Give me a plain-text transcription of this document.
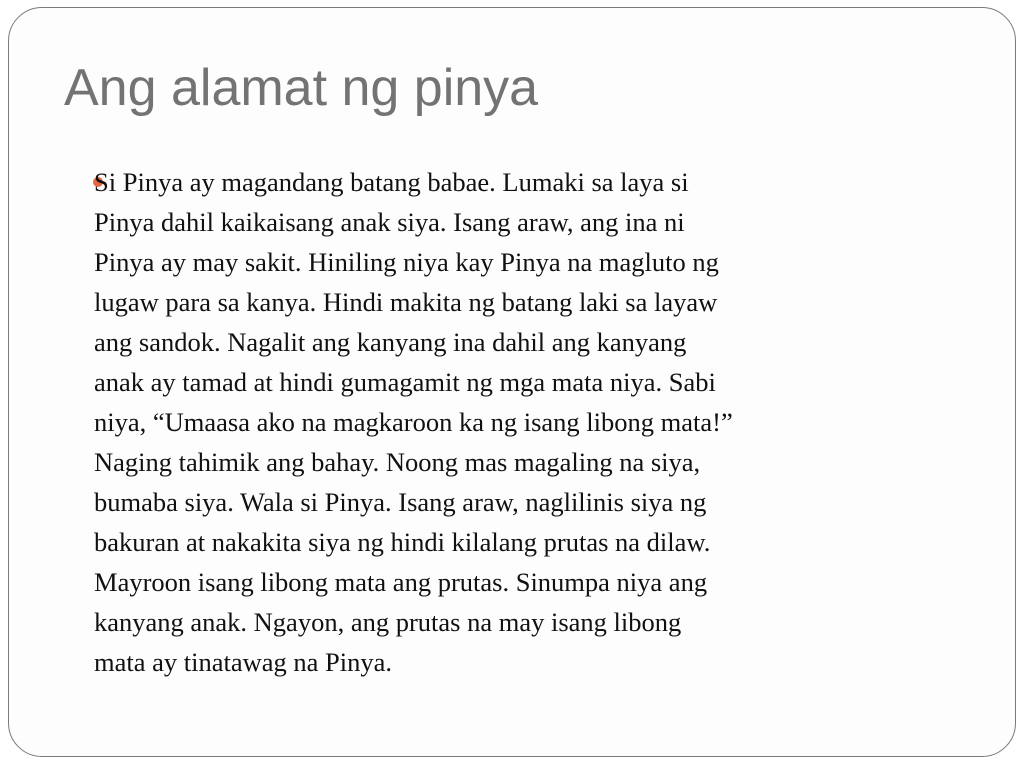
Ang alamat ng pinya
Si Pinya ay magandang batang babae. Lumaki sa laya si
Pinya dahil kaikaisang anak siya. Isang araw, ang ina ni
Pinya ay may sakit. Hiniling niya kay Pinya na magluto ng
lugaw para sa kanya. Hindi makita ng batang laki sa layaw
ang sandok. Nagalit ang kanyang ina dahil ang kanyang
anak ay tamad at hindi gumagamit ng mga mata niya. Sabi
niya, “Umaasa ako na magkaroon ka ng isang libong mata!”
Naging tahimik ang bahay. Noong mas magaling na siya,
bumaba siya. Wala si Pinya. Isang araw, naglilinis siya ng
bakuran at nakakita siya ng hindi kilalang prutas na dilaw.
Mayroon isang libong mata ang prutas. Sinumpa niya ang
kanyang anak. Ngayon, ang prutas na may isang libong
mata ay tinatawag na Pinya.
